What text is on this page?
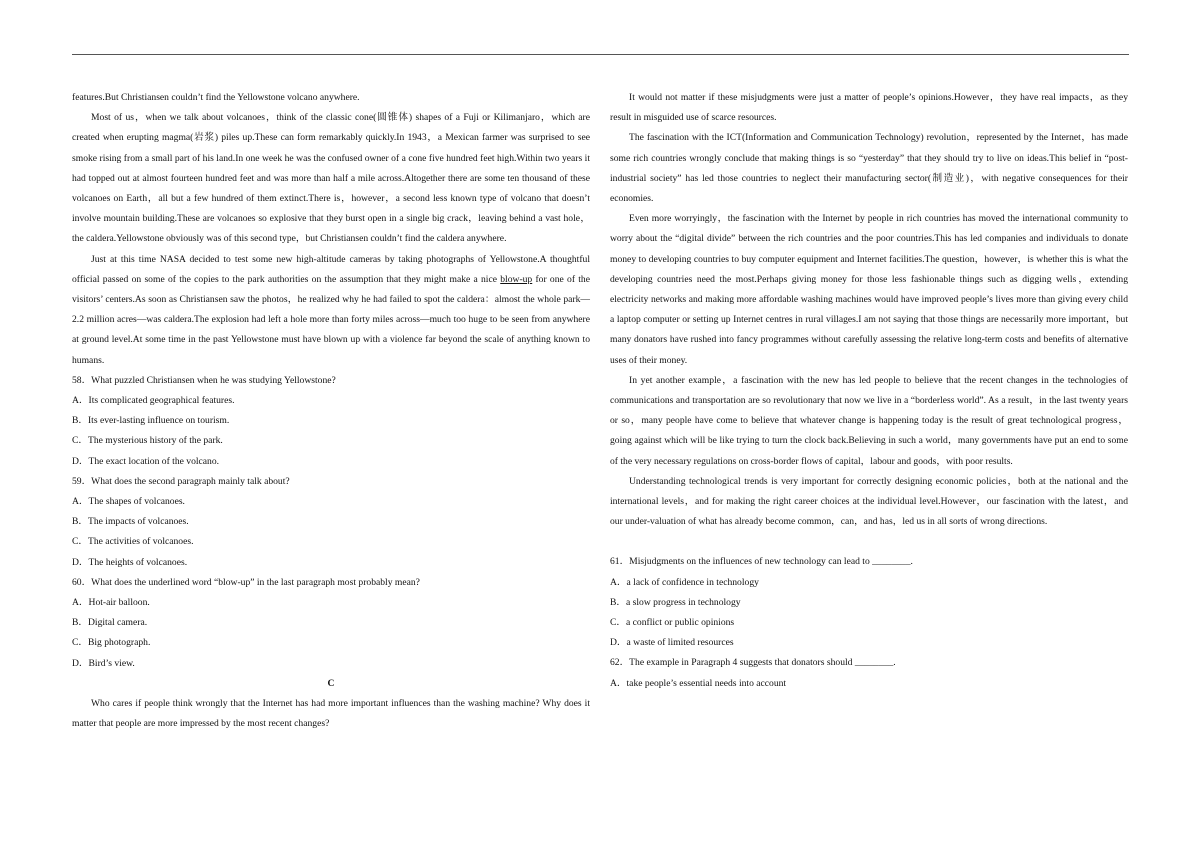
features.But Christiansen couldn’t find the Yellowstone volcano anywhere.

Most of us，when we talk about volcanoes，think of the classic cone(圆锥体) shapes of a Fuji or Kilimanjaro，which are created when erupting magma(岩浆) piles up.These can form remarkably quickly.In 1943，a Mexican farmer was surprised to see smoke rising from a small part of his land.In one week he was the confused owner of a cone five hundred feet high.Within two years it had topped out at almost fourteen hundred feet and was more than half a mile across.Altogether there are some ten thousand of these volcanoes on Earth，all but a few hundred of them extinct.There is，however，a second less known type of volcano that doesn’t involve mountain building.These are volcanoes so explosive that they burst open in a single big crack，leaving behind a vast hole，the caldera.Yellowstone obviously was of this second type，but Christiansen couldn’t find the caldera anywhere.

Just at this time NASA decided to test some new high-altitude cameras by taking photographs of Yellowstone.A thoughtful official passed on some of the copies to the park authorities on the assumption that they might make a nice blow-up for one of the visitors’ centers.As soon as Christiansen saw the photos，he realized why he had failed to spot the caldera：almost the whole park—2.2 million acres—was caldera.The explosion had left a hole more than forty miles across—much too huge to be seen from anywhere at ground level.At some time in the past Yellowstone must have blown up with a violence far beyond the scale of anything known to humans.

58．What puzzled Christiansen when he was studying Yellowstone?

A．Its complicated geographical features.

B．Its ever-lasting influence on tourism.

C．The mysterious history of the park.

D．The exact location of the volcano.

59．What does the second paragraph mainly talk about?

A．The shapes of volcanoes.

B．The impacts of volcanoes.

C．The activities of volcanoes.

D．The heights of volcanoes.

60．What does the underlined word “blow-up” in the last paragraph most probably mean?

A．Hot-air balloon.

B．Digital camera.

C．Big photograph.

D．Bird’s view.

C

Who cares if people think wrongly that the Internet has had more important influences than the washing machine? Why does it matter that people are more impressed by the most recent changes?

It would not matter if these misjudgments were just a matter of people’s opinions.However，they have real impacts，as they result in misguided use of scarce resources.

The fascination with the ICT(Information and Communication Technology) revolution，represented by the Internet，has made some rich countries wrongly conclude that making things is so “yesterday” that they should try to live on ideas.This belief in “post-industrial society” has led those countries to neglect their manufacturing sector(制造业)，with negative consequences for their economies.

Even more worryingly，the fascination with the Internet by people in rich countries has moved the international community to worry about the “digital divide” between the rich countries and the poor countries.This has led companies and individuals to donate money to developing countries to buy computer equipment and Internet facilities.The question，however，is whether this is what the developing countries need the most.Perhaps giving money for those less fashionable things such as digging wells，extending electricity networks and making more affordable washing machines would have improved people’s lives more than giving every child a laptop computer or setting up Internet centres in rural villages.I am not saying that those things are necessarily more important，but many donators have rushed into fancy programmes without carefully assessing the relative long-term costs and benefits of alternative uses of their money.

In yet another example，a fascination with the new has led people to believe that the recent changes in the technologies of communications and transportation are so revolutionary that now we live in a “borderless world”. As a result，in the last twenty years or so，many people have come to believe that whatever change is happening today is the result of great technological progress，going against which will be like trying to turn the clock back.Believing in such a world，many governments have put an end to some of the very necessary regulations on cross-border flows of capital，labour and goods，with poor results.

Understanding technological trends is very important for correctly designing economic policies，both at the national and the international levels，and for making the right career choices at the individual level.However，our fascination with the latest，and our under-valuation of what has already become common，can，and has，led us in all sorts of wrong directions.

61．Misjudgments on the influences of new technology can lead to ________.

A．a lack of confidence in technology

B．a slow progress in technology

C．a conflict or public opinions

D．a waste of limited resources

62．The example in Paragraph 4 suggests that donators should ________.

A．take people’s essential needs into account
